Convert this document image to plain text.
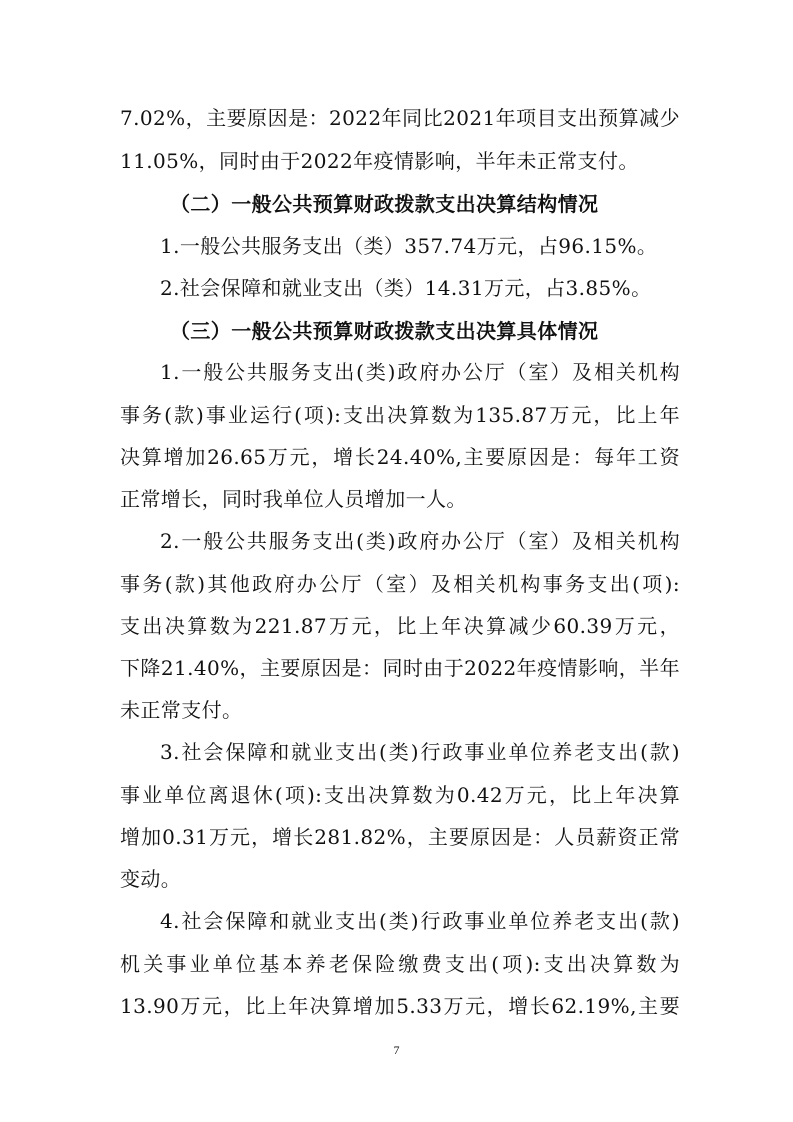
7.02%，主要原因是：2022年同比2021年项目支出预算减少
11.05%，同时由于2022年疫情影响，半年未正常支付。
（二）一般公共预算财政拨款支出决算结构情况
1.一般公共服务支出（类）357.74万元，占96.15%。
2.社会保障和就业支出（类）14.31万元，占3.85%。
（三）一般公共预算财政拨款支出决算具体情况
1.一般公共服务支出(类)政府办公厅（室）及相关机构
事务(款)事业运行(项):支出决算数为135.87万元，比上年
决算增加26.65万元，增长24.40%,主要原因是：每年工资
正常增长，同时我单位人员增加一人。
2.一般公共服务支出(类)政府办公厅（室）及相关机构
事务(款)其他政府办公厅（室）及相关机构事务支出(项):
支出决算数为221.87万元，比上年决算减少60.39万元，
下降21.40%，主要原因是：同时由于2022年疫情影响，半年
未正常支付。
3.社会保障和就业支出(类)行政事业单位养老支出(款)
事业单位离退休(项):支出决算数为0.42万元，比上年决算
增加0.31万元，增长281.82%，主要原因是：人员薪资正常
变动。
4.社会保障和就业支出(类)行政事业单位养老支出(款)
机关事业单位基本养老保险缴费支出(项):支出决算数为
13.90万元，比上年决算增加5.33万元，增长62.19%,主要
7
